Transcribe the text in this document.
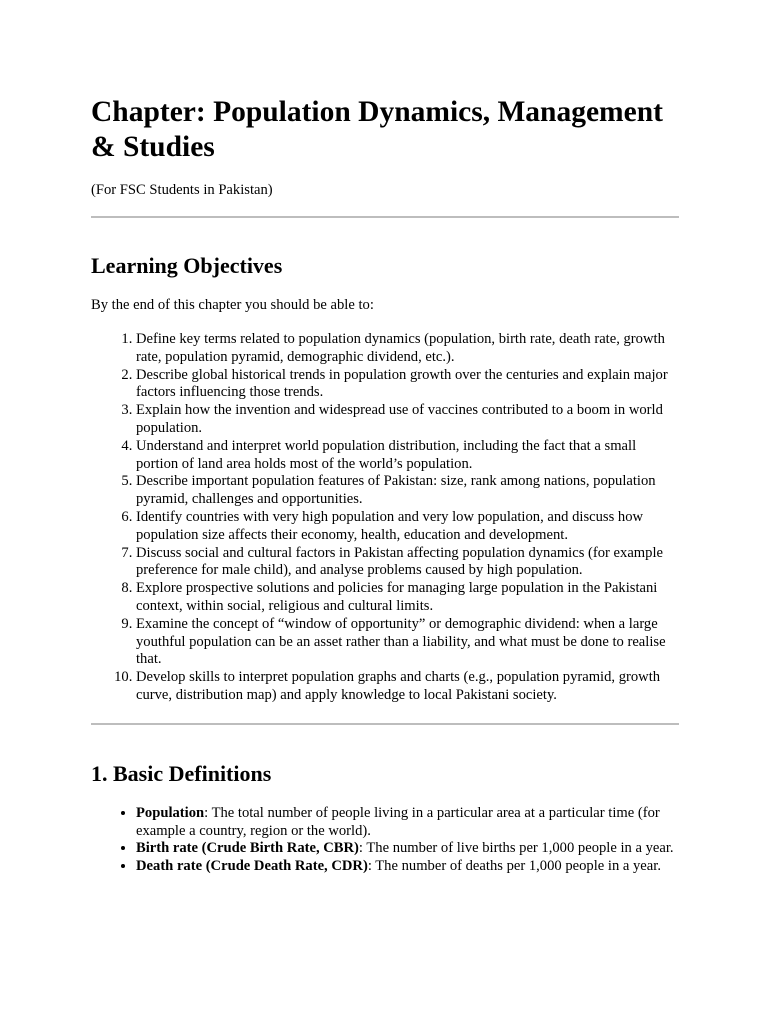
Chapter: Population Dynamics, Management & Studies

(For FSC Students in Pakistan)

Learning Objectives

By the end of this chapter you should be able to:

1. Define key terms related to population dynamics (population, birth rate, death rate, growth rate, population pyramid, demographic dividend, etc.).
2. Describe global historical trends in population growth over the centuries and explain major factors influencing those trends.
3. Explain how the invention and widespread use of vaccines contributed to a boom in world population.
4. Understand and interpret world population distribution, including the fact that a small portion of land area holds most of the world’s population.
5. Describe important population features of Pakistan: size, rank among nations, population pyramid, challenges and opportunities.
6. Identify countries with very high population and very low population, and discuss how population size affects their economy, health, education and development.
7. Discuss social and cultural factors in Pakistan affecting population dynamics (for example preference for male child), and analyse problems caused by high population.
8. Explore prospective solutions and policies for managing large population in the Pakistani context, within social, religious and cultural limits.
9. Examine the concept of “window of opportunity” or demographic dividend: when a large youthful population can be an asset rather than a liability, and what must be done to realise that.
10. Develop skills to interpret population graphs and charts (e.g., population pyramid, growth curve, distribution map) and apply knowledge to local Pakistani society.
1. Basic Definitions
• Population: The total number of people living in a particular area at a particular time (for example a country, region or the world).
• Birth rate (Crude Birth Rate, CBR): The number of live births per 1,000 people in a year.
• Death rate (Crude Death Rate, CDR): The number of deaths per 1,000 people in a year.
